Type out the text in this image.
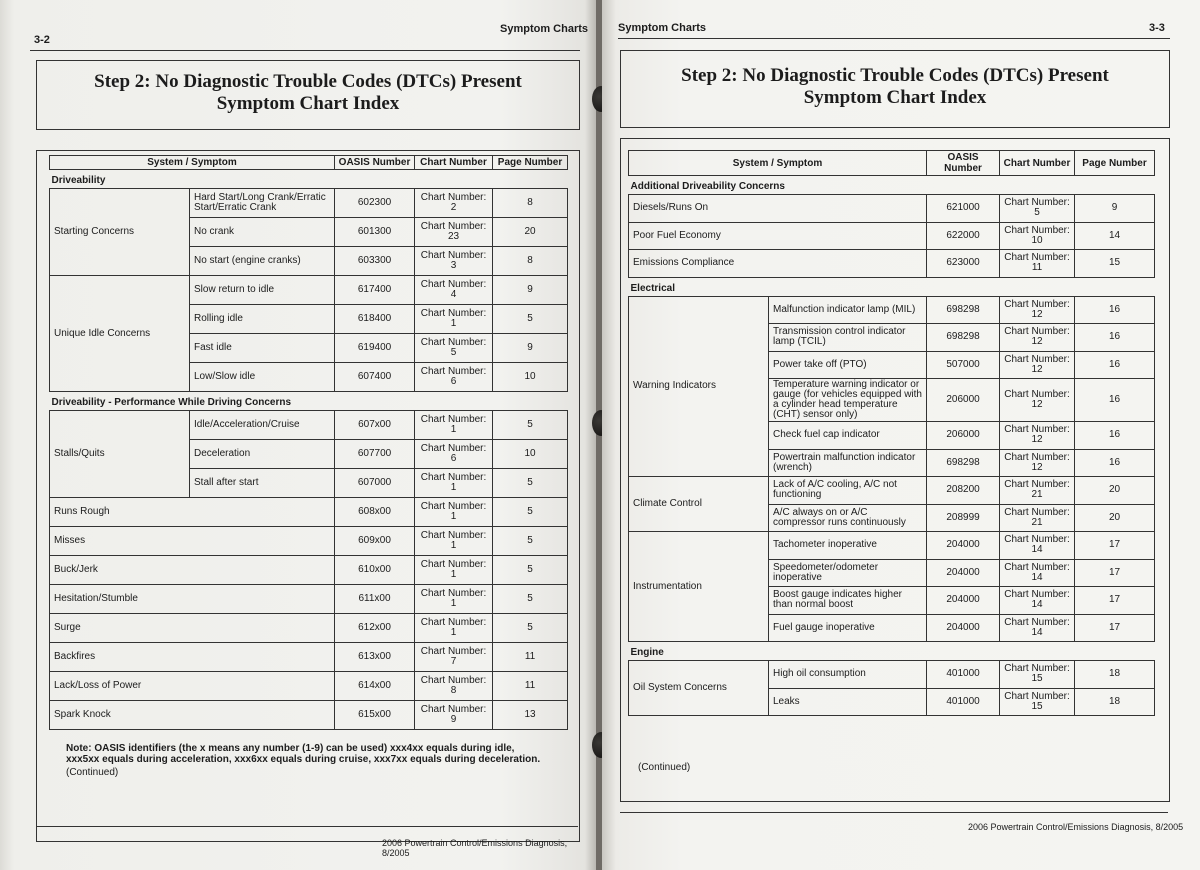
3-2
Symptom Charts
Step 2: No Diagnostic Trouble Codes (DTCs) Present
Symptom Chart Index
System / Symptom		OASIS Number	Chart Number	Page Number
Driveability				
Starting Concerns	Hard Start/Long Crank/Erratic Start/Erratic Crank	602300	Chart Number: 2	8
	No crank	601300	Chart Number: 23	20
	No start (engine cranks)	603300	Chart Number: 3	8
Unique Idle Concerns	Slow return to idle	617400	Chart Number: 4	9
	Rolling idle	618400	Chart Number: 1	5
	Fast idle	619400	Chart Number: 5	9
	Low/Slow idle	607400	Chart Number: 6	10
Driveability - Performance While Driving Concerns				
Stalls/Quits	Idle/Acceleration/Cruise	607x00	Chart Number: 1	5
	Deceleration	607700	Chart Number: 6	10
	Stall after start	607000	Chart Number: 1	5
Runs Rough		608x00	Chart Number: 1	5
Misses		609x00	Chart Number: 1	5
Buck/Jerk		610x00	Chart Number: 1	5
Hesitation/Stumble		611x00	Chart Number: 1	5
Surge		612x00	Chart Number: 1	5
Backfires		613x00	Chart Number: 7	11
Lack/Loss of Power		614x00	Chart Number: 8	11
Spark Knock		615x00	Chart Number: 9	13
Note: OASIS identifiers (the x means any number (1-9) can be used) xxx4xx equals during idle, xxx5xx equals during acceleration, xxx6xx equals during cruise, xxx7xx equals during deceleration.
(Continued)
2006 Powertrain Control/Emissions Diagnosis, 8/2005
Symptom Charts	3-3
Step 2: No Diagnostic Trouble Codes (DTCs) Present
Symptom Chart Index
System / Symptom		OASIS Number	Chart Number	Page Number
Additional Driveability Concerns				
Diesels/Runs On		621000	Chart Number: 5	9
Poor Fuel Economy		622000	Chart Number: 10	14
Emissions Compliance		623000	Chart Number: 11	15
Electrical				
Warning Indicators	Malfunction indicator lamp (MIL)	698298	Chart Number: 12	16
	Transmission control indicator lamp (TCIL)	698298	Chart Number: 12	16
	Power take off (PTO)	507000	Chart Number: 12	16
	Temperature warning indicator or gauge (for vehicles equipped with a cylinder head temperature (CHT) sensor only)	206000	Chart Number: 12	16
	Check fuel cap indicator	206000	Chart Number: 12	16
	Powertrain malfunction indicator (wrench)	698298	Chart Number: 12	16
Climate Control	Lack of A/C cooling, A/C not functioning	208200	Chart Number: 21	20
	A/C always on or A/C compressor runs continuously	208999	Chart Number: 21	20
Instrumentation	Tachometer inoperative	204000	Chart Number: 14	17
	Speedometer/odometer inoperative	204000	Chart Number: 14	17
	Boost gauge indicates higher than normal boost	204000	Chart Number: 14	17
	Fuel gauge inoperative	204000	Chart Number: 14	17
Engine				
Oil System Concerns	High oil consumption	401000	Chart Number: 15	18
	Leaks	401000	Chart Number: 15	18
(Continued)
2006 Powertrain Control/Emissions Diagnosis, 8/2005
